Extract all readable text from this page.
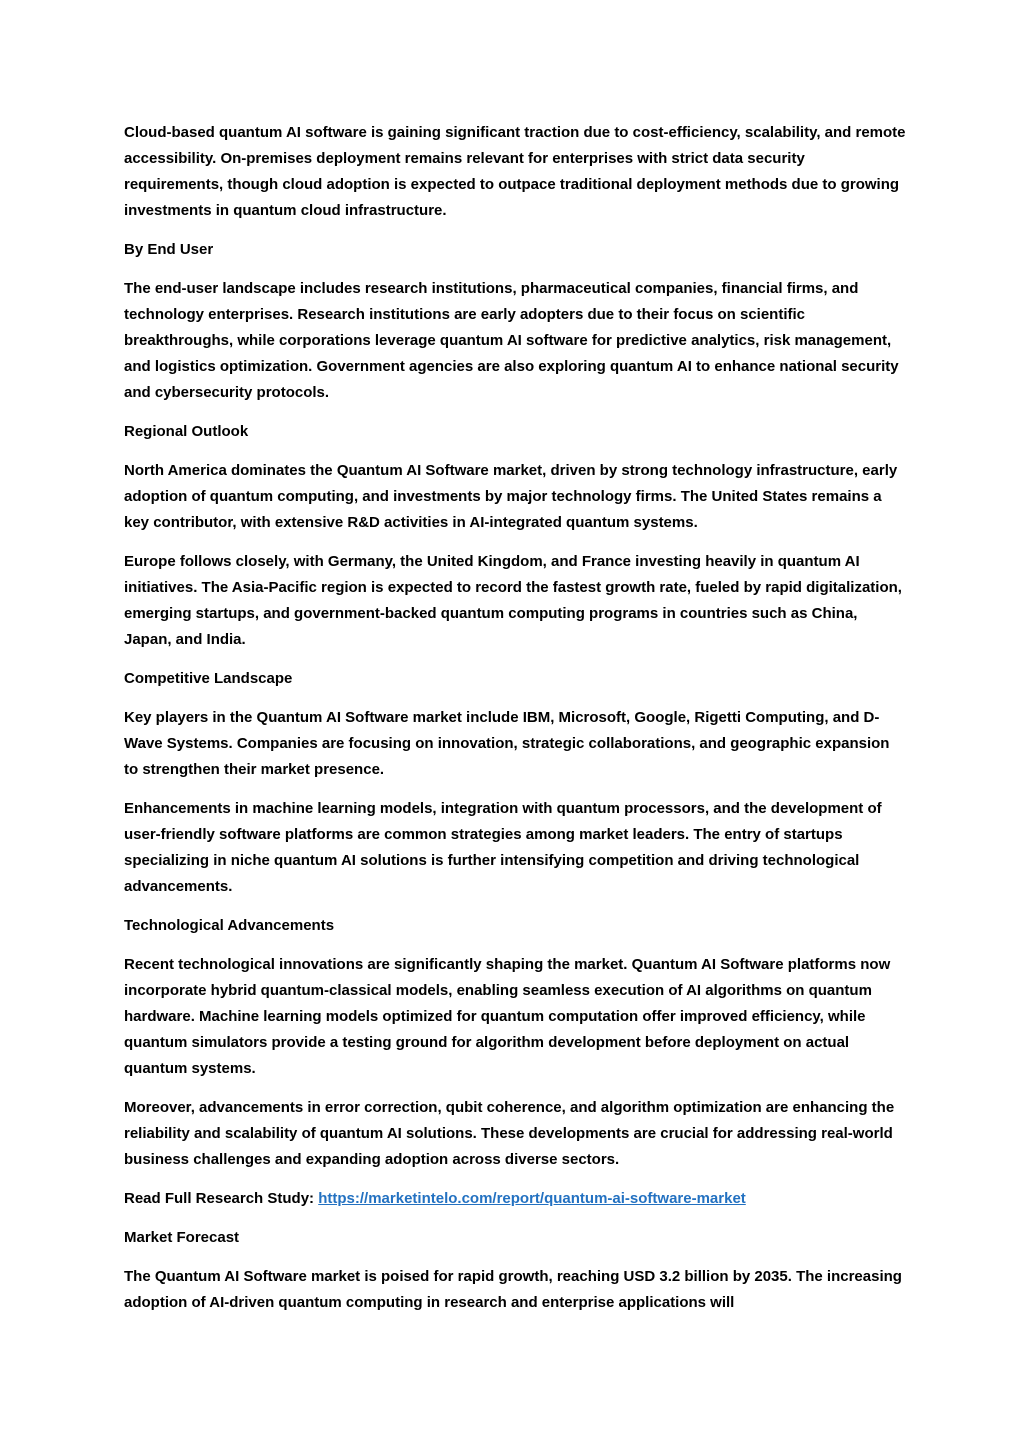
Cloud-based quantum AI software is gaining significant traction due to cost-efficiency, scalability, and remote accessibility. On-premises deployment remains relevant for enterprises with strict data security requirements, though cloud adoption is expected to outpace traditional deployment methods due to growing investments in quantum cloud infrastructure.

By End User

The end-user landscape includes research institutions, pharmaceutical companies, financial firms, and technology enterprises. Research institutions are early adopters due to their focus on scientific breakthroughs, while corporations leverage quantum AI software for predictive analytics, risk management, and logistics optimization. Government agencies are also exploring quantum AI to enhance national security and cybersecurity protocols.

Regional Outlook

North America dominates the Quantum AI Software market, driven by strong technology infrastructure, early adoption of quantum computing, and investments by major technology firms. The United States remains a key contributor, with extensive R&D activities in AI-integrated quantum systems.

Europe follows closely, with Germany, the United Kingdom, and France investing heavily in quantum AI initiatives. The Asia-Pacific region is expected to record the fastest growth rate, fueled by rapid digitalization, emerging startups, and government-backed quantum computing programs in countries such as China, Japan, and India.

Competitive Landscape

Key players in the Quantum AI Software market include IBM, Microsoft, Google, Rigetti Computing, and D-Wave Systems. Companies are focusing on innovation, strategic collaborations, and geographic expansion to strengthen their market presence.

Enhancements in machine learning models, integration with quantum processors, and the development of user-friendly software platforms are common strategies among market leaders. The entry of startups specializing in niche quantum AI solutions is further intensifying competition and driving technological advancements.

Technological Advancements

Recent technological innovations are significantly shaping the market. Quantum AI Software platforms now incorporate hybrid quantum-classical models, enabling seamless execution of AI algorithms on quantum hardware. Machine learning models optimized for quantum computation offer improved efficiency, while quantum simulators provide a testing ground for algorithm development before deployment on actual quantum systems.

Moreover, advancements in error correction, qubit coherence, and algorithm optimization are enhancing the reliability and scalability of quantum AI solutions. These developments are crucial for addressing real-world business challenges and expanding adoption across diverse sectors.

Read Full Research Study: https://marketintelo.com/report/quantum-ai-software-market

Market Forecast

The Quantum AI Software market is poised for rapid growth, reaching USD 3.2 billion by 2035. The increasing adoption of AI-driven quantum computing in research and enterprise applications will
